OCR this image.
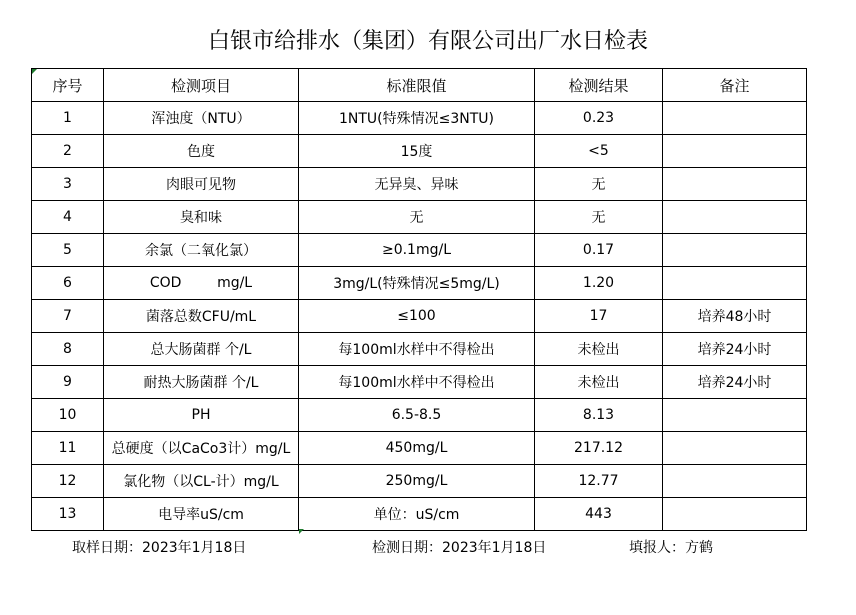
白银市给排水（集团）有限公司出厂水日检表
序号	检测项目	标准限值	检测结果	备注
1	浑浊度（NTU）	1NTU(特殊情况≤3NTU)	0.23	
2	色度	15度	<5	
3	肉眼可见物	无异臭、异味	无	
4	臭和味	无	无	
5	余氯（二氧化氯）	≥0.1mg/L	0.17	
6	COD        mg/L	3mg/L(特殊情况≤5mg/L)	1.20	
7	菌落总数CFU/mL	≤100	17	培养48小时
8	总大肠菌群 个/L	每100ml水样中不得检出	未检出	培养24小时
9	耐热大肠菌群 个/L	每100ml水样中不得检出	未检出	培养24小时
10	PH	6.5-8.5	8.13	
11	总硬度（以CaCo3计）mg/L	450mg/L	217.12	
12	氯化物（以CL-计）mg/L	250mg/L	12.77	
13	电导率uS/cm	单位：uS/cm	443	
取样日期：2023年1月18日	检测日期：2023年1月18日	填报人：方鹤
